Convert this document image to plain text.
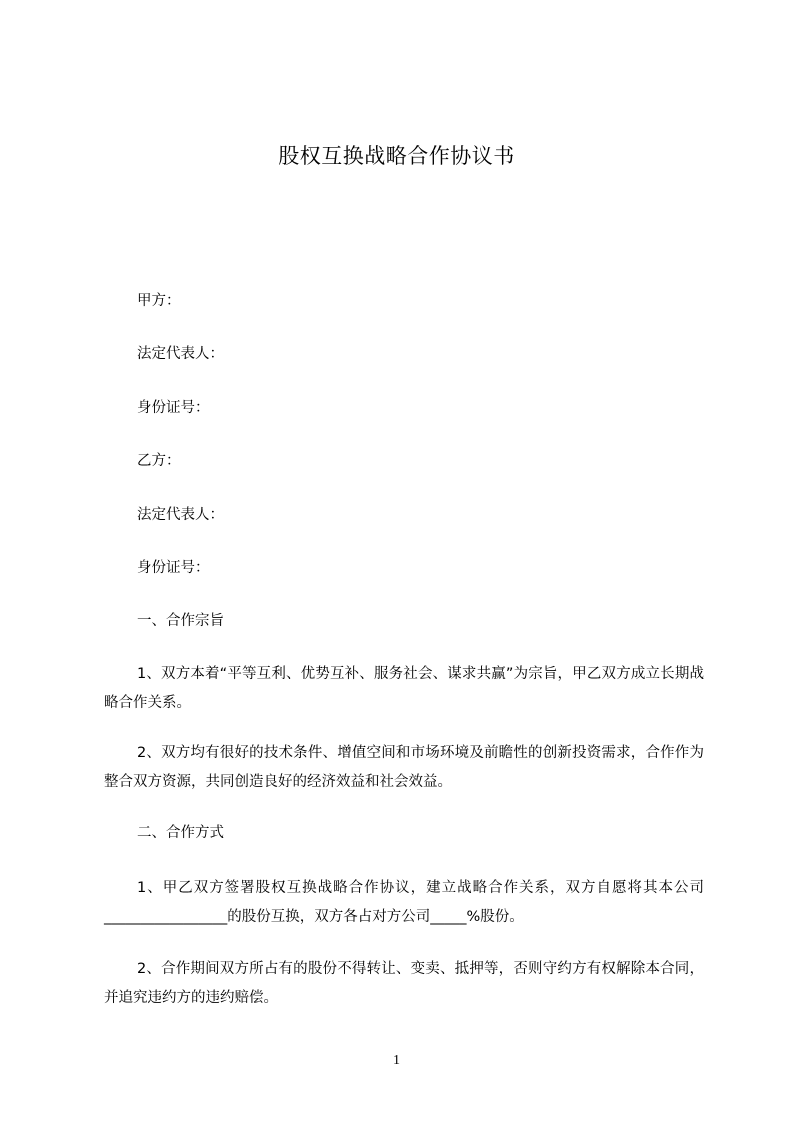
股权互换战略合作协议书
甲方：
法定代表人：
身份证号：
乙方：
法定代表人：
身份证号：
一、合作宗旨
1、双方本着“平等互利、优势互补、服务社会、谋求共赢”为宗旨，甲乙双方成立长期战略合作关系。
2、双方均有很好的技术条件、增值空间和市场环境及前瞻性的创新投资需求，合作作为整合双方资源，共同创造良好的经济效益和社会效益。
二、合作方式
1、甲乙双方签署股权互换战略合作协议，建立战略合作关系，双方自愿将其本公司_________________的股份互换，双方各占对方公司_____%股份。
2、合作期间双方所占有的股份不得转让、变卖、抵押等，否则守约方有权解除本合同，并追究违约方的违约赔偿。
1
